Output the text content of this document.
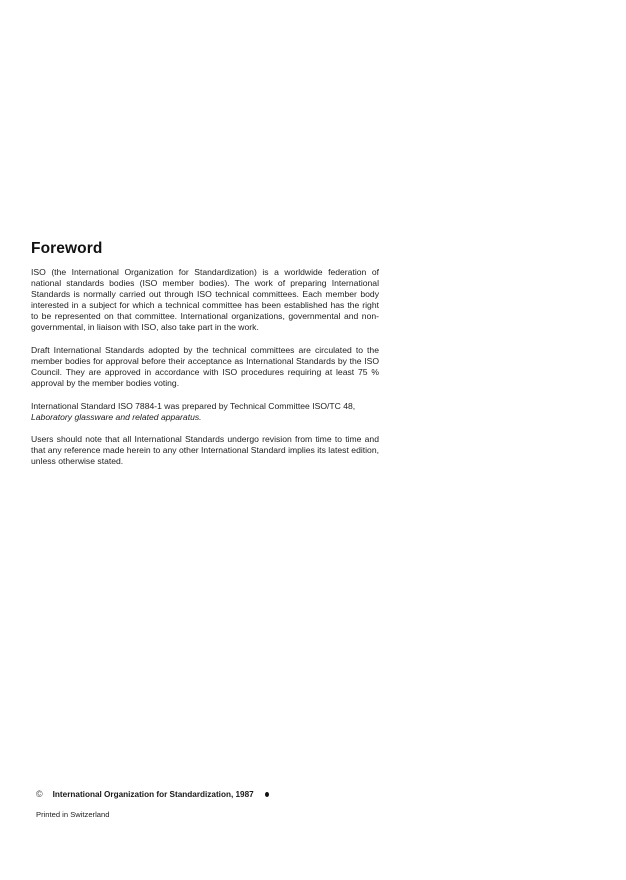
Foreword

ISO (the International Organization for Standardization) is a worldwide federation of national standards bodies (ISO member bodies). The work of preparing International Standards is normally carried out through ISO technical committees. Each member body interested in a subject for which a technical committee has been established has the right to be represented on that committee. International organizations, governmental and non-governmental, in liaison with ISO, also take part in the work.

Draft International Standards adopted by the technical committees are circulated to the member bodies for approval before their acceptance as International Standards by the ISO Council. They are approved in accordance with ISO procedures requiring at least 75 % approval by the member bodies voting.

International Standard ISO 7884-1 was prepared by Technical Committee ISO/TC 48,
Laboratory glassware and related apparatus.

Users should note that all International Standards undergo revision from time to time and that any reference made herein to any other International Standard implies its latest edition, unless otherwise stated.

© International Organization for Standardization, 1987
Printed in Switzerland
